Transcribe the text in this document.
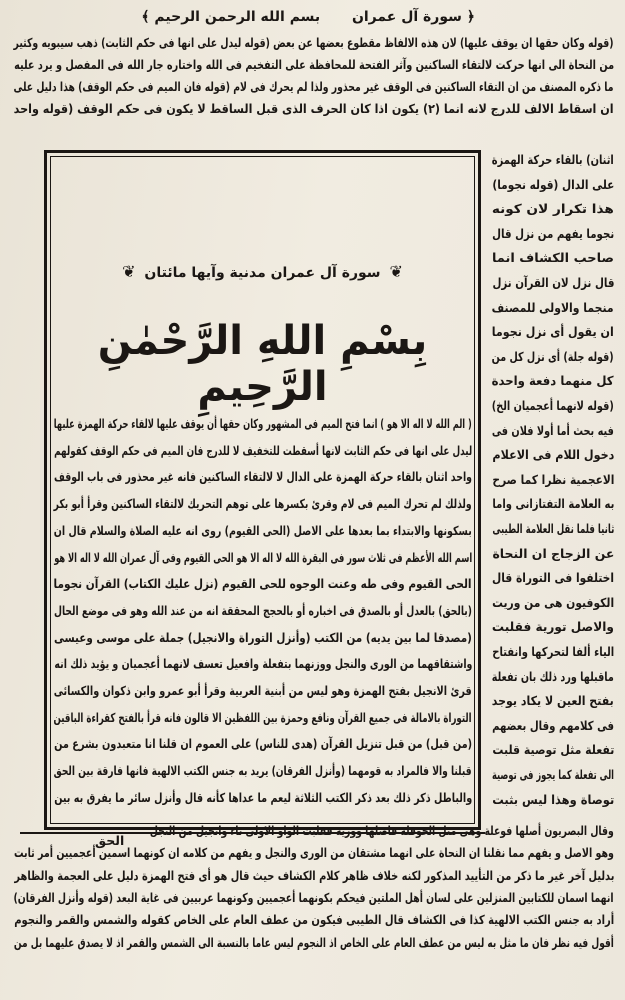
﴿ سورة آل عمران  بسم الله الرحمن الرحيم ﴾
(قوله وكان حقها ان يوقف عليها) لان هذه الالفاظ مقطوع بعضها عن بعض (قوله ليدل على انها فى حكم الثابت) ذهب سيبويه وكثير
من النحاة الى انها حركت لالتقاء الساكنين وآثر الفتحة للمحافظة على التفخيم فى الله واختاره جار الله فى المفصل و يرد عليه
ما ذكره المصنف من ان التقاء الساكنين فى الوقف غير محذور ولذا لم يحرك فى لام (قوله فان الميم فى حكم الوقف) هذا دليل على
ان اسقاط الالف للدرج لانه انما (٢) يكون اذا كان الحرف الذى قبل الساقط لا يكون فى حكم الوقف (قوله واحد
❦ سورة آل عمران مدنية وآيها مائتان ❦
بِسْمِ اللهِ الرَّحْمٰنِ الرَّحِيمِ
( الم الله لا اله الا هو ) انما فتح الميم فى المشهور وكان حقها أن يوقف عليها لالقاء حركة الهمزة عليها
ليدل على انها فى حكم الثابت لانها أسقطت للتخفيف لا للدرج فان الميم فى حكم الوقف كقولهم
واحد اثنان بالقاء حركة الهمزة على الدال لا لالتقاء الساكنين فانه غير محذور فى باب الوقف
ولذلك لم تحرك الميم فى لام وقرئ بكسرها على توهم التحريك لالتقاء الساكنين وقرأ أبو بكر
بسكونها والابتداء بما بعدها على الاصل (الحى القيوم) روى انه عليه الصلاة والسلام قال ان
اسم الله الأعظم فى ثلاث سور فى البقرة الله لا اله الا هو الحى القيوم وفى آل عمران الله لا اله الا هو
الحى القيوم وفى طه وعنت الوجوه للحى القيوم (نزل عليك الكتاب) القرآن نجوما
(بالحق) بالعدل أو بالصدق فى اخباره أو بالحجج المحققة انه من عند الله وهو فى موضع الحال
(مصدقا لما بين يديه) من الكتب (وأنزل التوراة والانجيل) جملة على موسى وعيسى
واشتقاقهما من الورى والنجل ووزنهما بتفعلة وافعيل تعسف لانهما أعجميان و يؤيد ذلك انه
قرئ الانجيل بفتح الهمزة وهو ليس من أبنية العربية وقرأ أبو عمرو وابن ذكوان والكسائى
التوراة بالامالة فى جميع القرآن ونافع وحمزة بين اللفظين الا قالون فانه قرأ بالفتح كقراءة الباقين
(من قبل) من قبل تنزيل القرآن (هدى للناس) على العموم ان قلنا انا متعبدون بشرع من
قبلنا والا فالمراد به قومهما (وأنزل الفرقان) يريد به جنس الكتب الالهية فانها فارقة بين الحق
والباطل ذكر ذلك بعد ذكر الكتب الثلاثة ليعم ما عداها كأنه قال وأنزل سائر ما يفرق به بين
اثنان) بالقاء حركة الهمزة
على الدال (قوله نجوما)
هذا تكرار لان كونه
نجوما يفهم من نزل قال
صاحب الكشاف انما
قال نزل لان القرآن نزل
منجما والاولى للمصنف
ان يقول أى نزل نجوما
(قوله جلة) أى نزل كل من
كل منهما دفعة واحدة
(قوله لانهما أعجميان الخ)
فيه بحث أما أولا فلان فى
دخول اللام فى الاعلام
الاعجمية نظرا كما صرح
به العلامة التفتازانى واما
ثانيا فلما نقل العلامة الطيبى
عن الزجاج ان النحاة
اختلفوا فى التوراة قال
الكوفيون هى من وريت
والاصل تورية فقلبت
الياء ألفا لتحركها وانفتاح
ماقبلها ورد ذلك بان تفعلة
بفتح العين لا يكاد يوجد
فى كلامهم وقال بعضهم
تفعلة مثل توصية قلبت
الى تفعلة كما يجوز فى توصية
توصاة وهذا ليس بثبت
الحق
وقال البصريون أصلها فوعلة وهى مثل الحوقلة فاصلها وورية فقلبت الواو الاولى تاء وانجيل من النجل
وهو الاصل و يفهم مما نقلنا ان النحاة على انهما مشتقان من الورى والنجل و يفهم من كلامه ان كونهما اسمين أعجميين أمر ثابت
بدليل آخر غير ما ذكر من التأييد المذكور لكنه خلاف ظاهر كلام الكشاف حيث قال هو أى فتح الهمزة دليل على العجمة والظاهر
انهما اسمان للكتابين المنزلين على لسان أهل الملتين فيحكم بكونهما أعجميين وكونهما عربيين فى غاية البعد (قوله وأنزل الفرقان)
أراد به جنس الكتب الالهية كذا فى الكشاف قال الطيبى فيكون من عطف العام على الخاص كقوله والشمس والقمر والنجوم
أقول فيه نظر فان ما مثل به ليس من عطف العام على الخاص اذ النجوم ليس عاما بالنسبة الى الشمس والقمر اذ لا يصدق عليهما بل من
